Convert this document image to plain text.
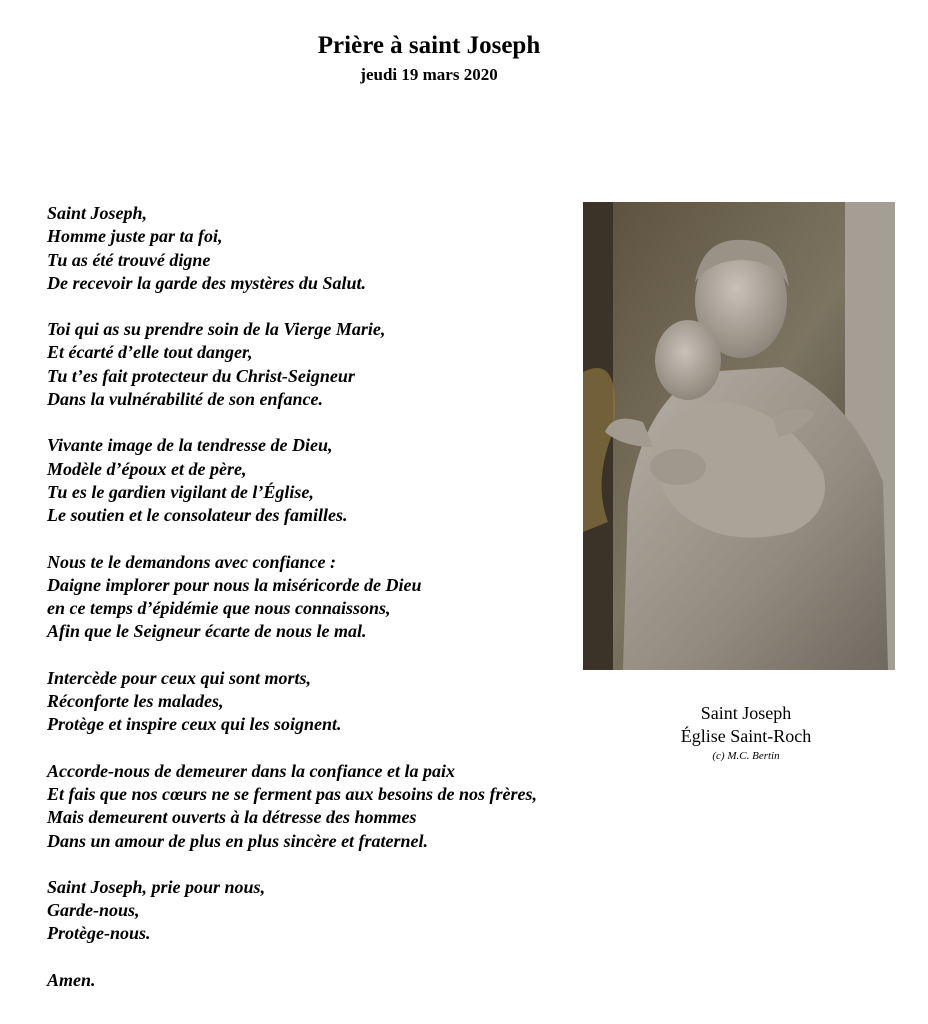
Prière à saint Joseph
jeudi 19 mars 2020

Saint Joseph,
Homme juste par ta foi,
Tu as été trouvé digne
De recevoir la garde des mystères du Salut.

Toi qui as su prendre soin de la Vierge Marie,
Et écarté d’elle tout danger,
Tu t’es fait protecteur du Christ-Seigneur
Dans la vulnérabilité de son enfance.

Vivante image de la tendresse de Dieu,
Modèle d’époux et de père,
Tu es le gardien vigilant de l’Église,
Le soutien et le consolateur des familles.

Nous te le demandons avec confiance :
Daigne implorer pour nous la miséricorde de Dieu
en ce temps d’épidémie que nous connaissons,
Afin que le Seigneur écarte de nous le mal.

Intercède pour ceux qui sont morts,
Réconforte les malades,
Protège et inspire ceux qui les soignent.

Accorde-nous de demeurer dans la confiance et la paix
Et fais que nos cœurs ne se ferment pas aux besoins de nos frères,
Mais demeurent ouverts à la détresse des hommes
Dans un amour de plus en plus sincère et fraternel.

Saint Joseph, prie pour nous,
Garde-nous,
Protège-nous.

Amen.

Saint Joseph
Église Saint-Roch
(c) M.C. Bertin
